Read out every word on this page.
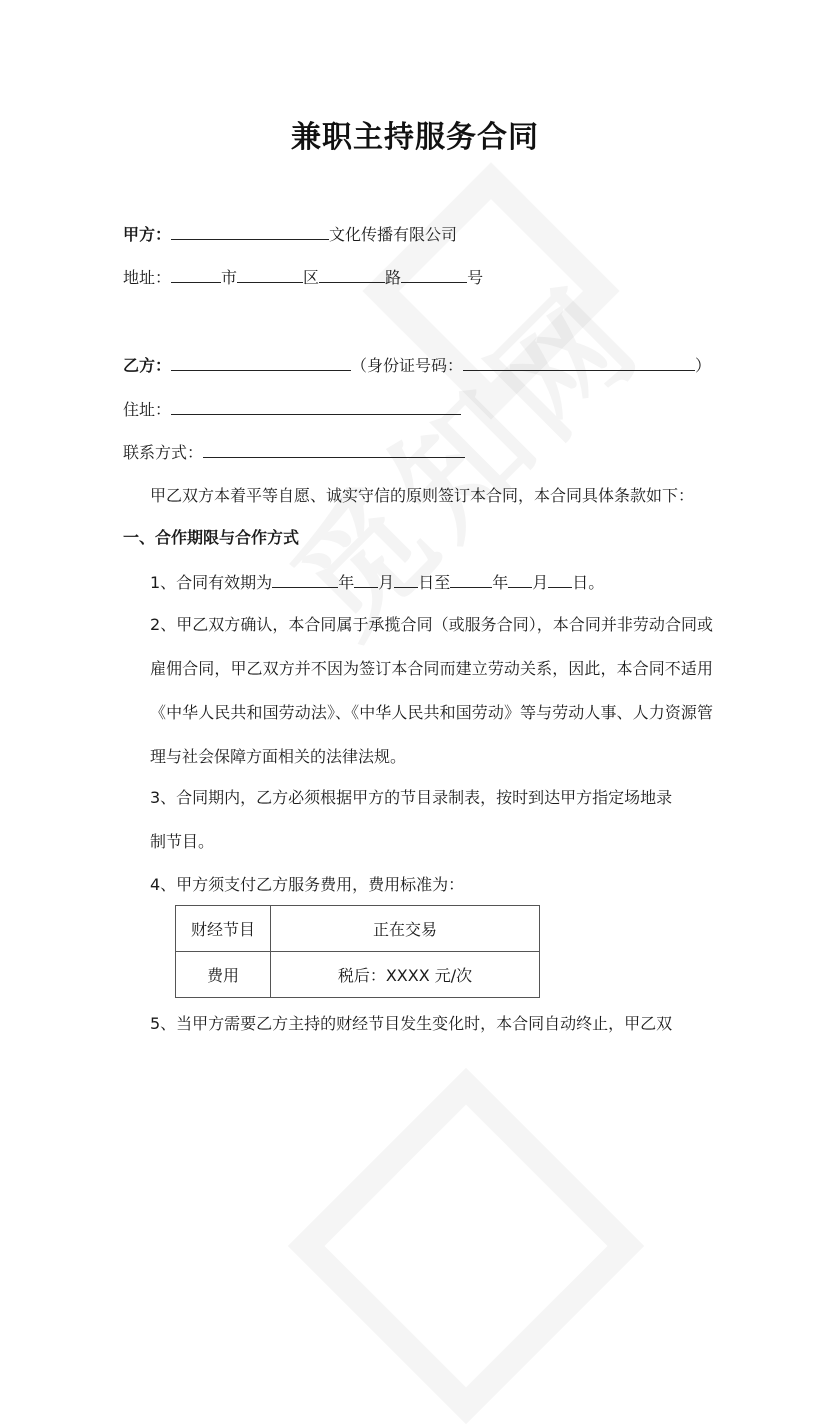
兼职主持服务合同
甲方：	文化传播有限公司
地址：	市	区	路	号
乙方：	（身份证号码：	）
住址：
联系方式：
甲乙双方本着平等自愿、诚实守信的原则签订本合同，本合同具体条款如下：
一、合作期限与合作方式
1、合同有效期为	年 月 日至	年 月 日。
2、甲乙双方确认，本合同属于承揽合同（或服务合同），本合同并非劳动合同或雇佣合同，甲乙双方并不因为签订本合同而建立劳动关系，因此，本合同不适用《中华人民共和国劳动法》、《中华人民共和国劳动》等与劳动人事、人力资源管理与社会保障方面相关的法律法规。
3、合同期内，乙方必须根据甲方的节目录制表，按时到达甲方指定场地录
制节目。
4、甲方须支付乙方服务费用，费用标准为：
财经节目	正在交易
费用	税后：XXXX 元/次
5、当甲方需要乙方主持的财经节目发生变化时，本合同自动终止，甲乙双
